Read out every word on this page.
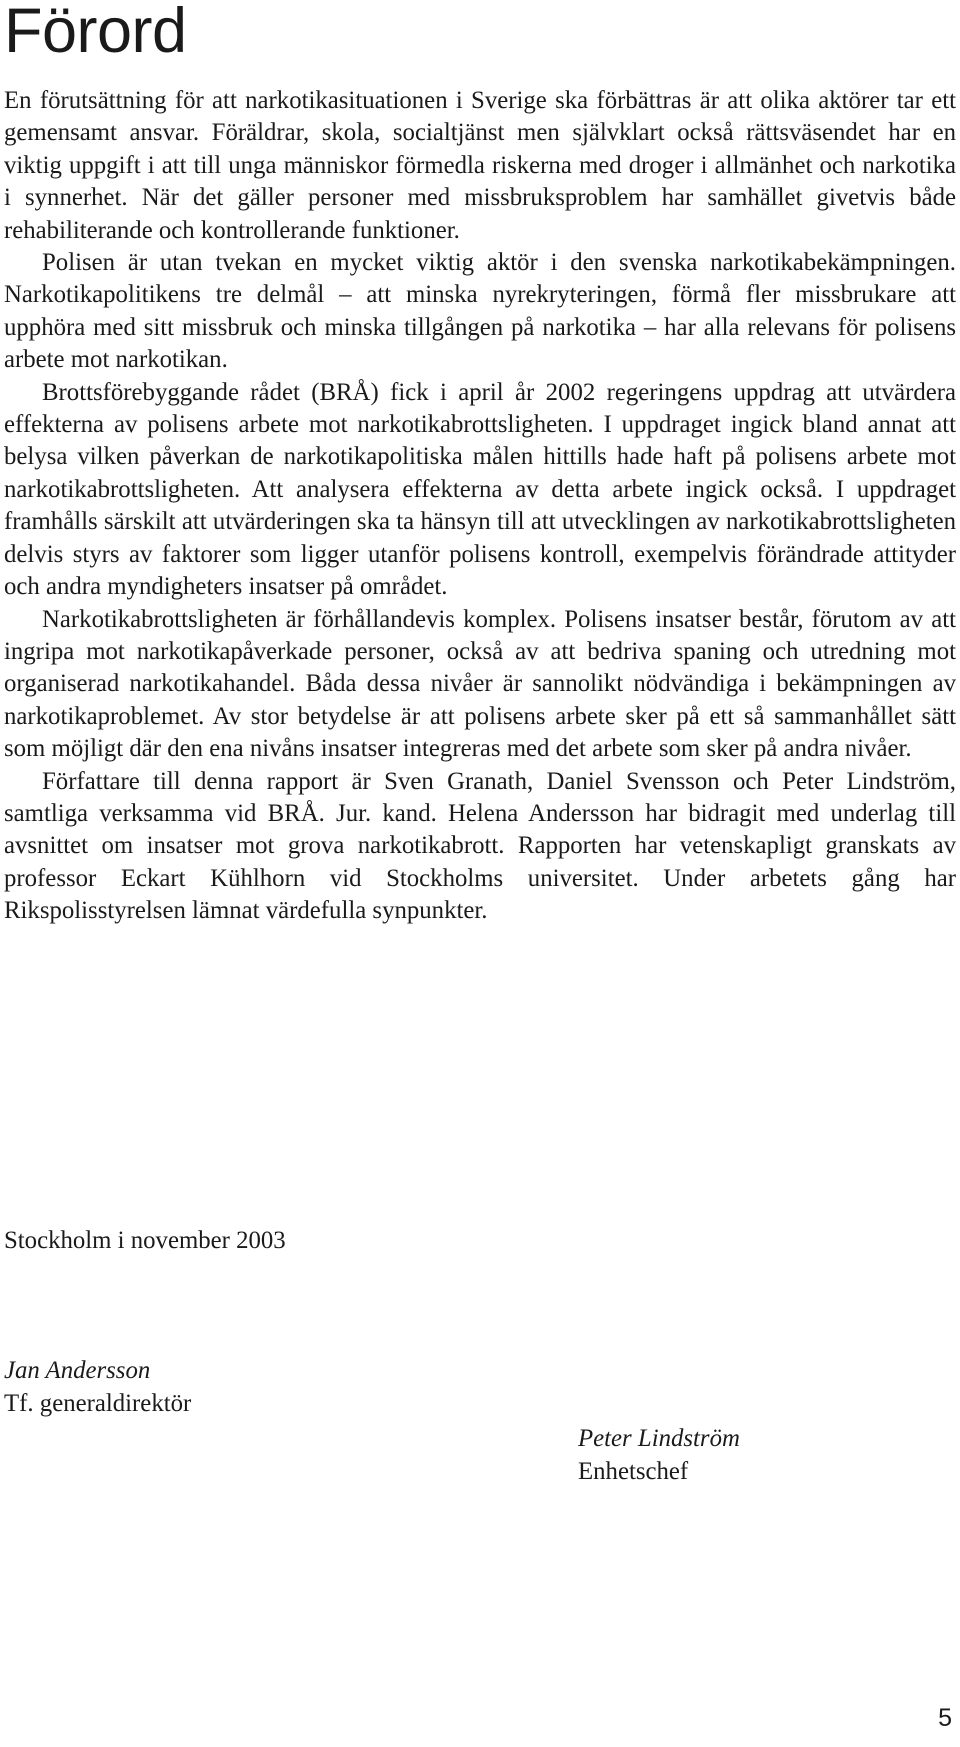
Förord

En förutsättning för att narkotikasituationen i Sverige ska förbättras är att olika aktörer tar ett gemensamt ansvar. Föräldrar, skola, socialtjänst men självklart också rättsväsendet har en viktig uppgift i att till unga människor förmedla riskerna med droger i allmänhet och narkotika i synnerhet. När det gäller personer med missbruksproblem har samhället givetvis både rehabiliterande och kontrollerande funktioner.

Polisen är utan tvekan en mycket viktig aktör i den svenska narkotikabekämpningen. Narkotikapolitikens tre delmål – att minska nyrekryteringen, förmå fler missbrukare att upphöra med sitt missbruk och minska tillgången på narkotika – har alla relevans för polisens arbete mot narkotikan.

Brottsförebyggande rådet (BRÅ) fick i april år 2002 regeringens uppdrag att utvärdera effekterna av polisens arbete mot narkotikabrottsligheten. I uppdraget ingick bland annat att belysa vilken påverkan de narkotikapolitiska målen hittills hade haft på polisens arbete mot narkotikabrottsligheten. Att analysera effekterna av detta arbete ingick också. I uppdraget framhålls särskilt att utvärderingen ska ta hänsyn till att utvecklingen av narkotikabrottsligheten delvis styrs av faktorer som ligger utanför polisens kontroll, exempelvis förändrade attityder och andra myndigheters insatser på området.

Narkotikabrottsligheten är förhållandevis komplex. Polisens insatser består, förutom av att ingripa mot narkotikapåverkade personer, också av att bedriva spaning och utredning mot organiserad narkotikahandel. Båda dessa nivåer är sannolikt nödvändiga i bekämpningen av narkotikaproblemet. Av stor betydelse är att polisens arbete sker på ett så sammanhållet sätt som möjligt där den ena nivåns insatser integreras med det arbete som sker på andra nivåer.

Författare till denna rapport är Sven Granath, Daniel Svensson och Peter Lindström, samtliga verksamma vid BRÅ. Jur. kand. Helena Andersson har bidragit med underlag till avsnittet om insatser mot grova narkotikabrott. Rapporten har vetenskapligt granskats av professor Eckart Kühlhorn vid Stockholms universitet. Under arbetets gång har Rikspolisstyrelsen lämnat värdefulla synpunkter.

Stockholm i november 2003

Jan Andersson
Tf. generaldirektör
Peter Lindström
Enhetschef
5
